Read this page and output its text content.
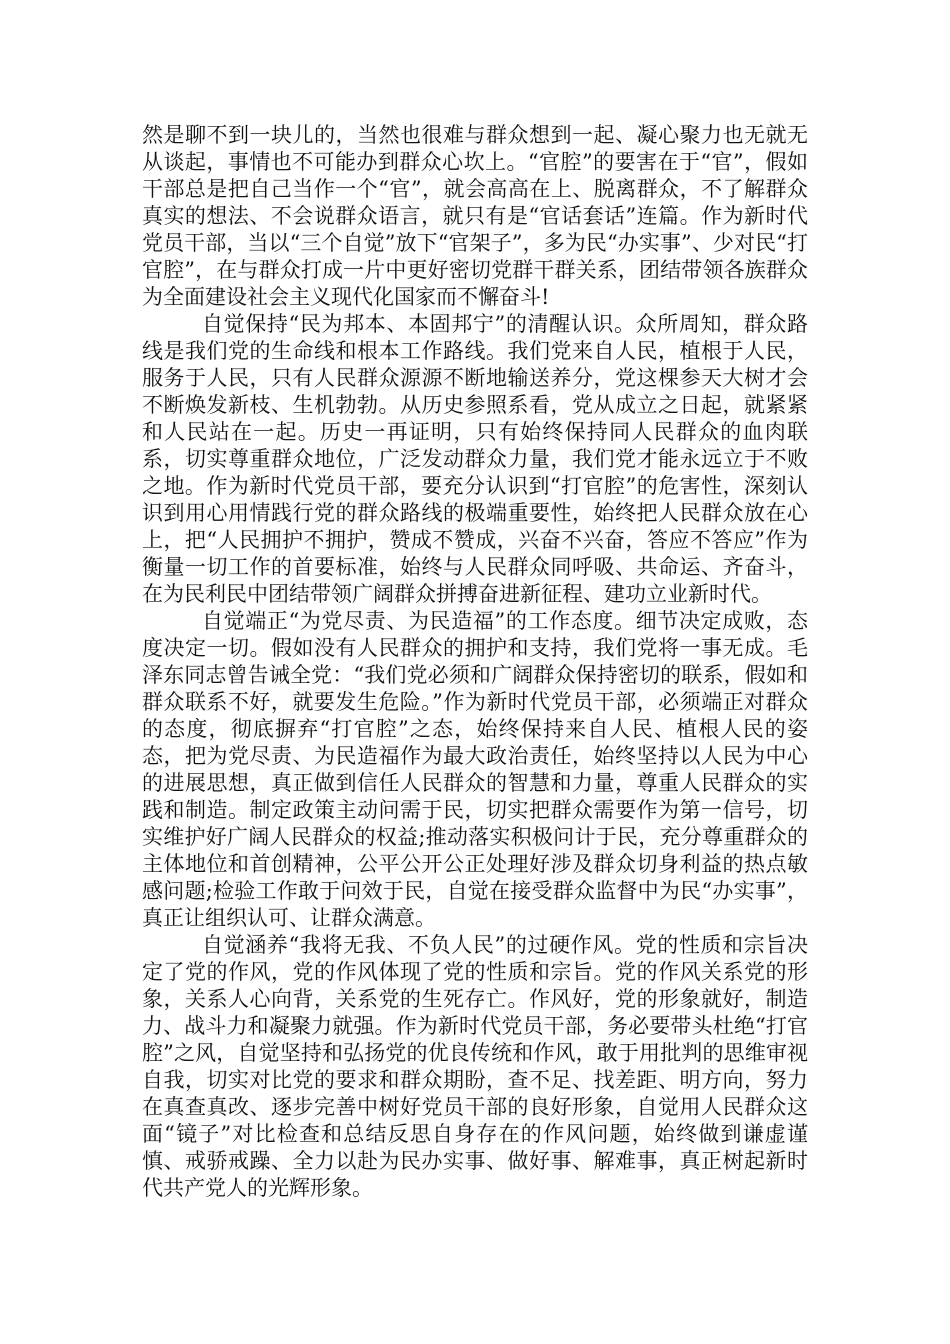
然是聊不到一块儿的，当然也很难与群众想到一起、凝心聚力也无就无从谈起，事情也不可能办到群众心坎上。“官腔”的要害在于“官”，假如干部总是把自己当作一个“官”，就会高高在上、脱离群众，不了解群众真实的想法、不会说群众语言，就只有是“官话套话”连篇。作为新时代党员干部，当以“三个自觉”放下“官架子”，多为民“办实事”、少对民“打官腔”，在与群众打成一片中更好密切党群干群关系，团结带领各族群众为全面建设社会主义现代化国家而不懈奋斗!

自觉保持“民为邦本、本固邦宁”的清醒认识。众所周知，群众路线是我们党的生命线和根本工作路线。我们党来自人民，植根于人民，服务于人民，只有人民群众源源不断地输送养分，党这棵参天大树才会不断焕发新枝、生机勃勃。从历史参照系看，党从成立之日起，就紧紧和人民站在一起。历史一再证明，只有始终保持同人民群众的血肉联系，切实尊重群众地位，广泛发动群众力量，我们党才能永远立于不败之地。作为新时代党员干部，要充分认识到“打官腔”的危害性，深刻认识到用心用情践行党的群众路线的极端重要性，始终把人民群众放在心上，把“人民拥护不拥护，赞成不赞成，兴奋不兴奋，答应不答应”作为衡量一切工作的首要标准，始终与人民群众同呼吸、共命运、齐奋斗，在为民利民中团结带领广阔群众拼搏奋进新征程、建功立业新时代。

自觉端正“为党尽责、为民造福”的工作态度。细节决定成败，态度决定一切。假如没有人民群众的拥护和支持，我们党将一事无成。毛泽东同志曾告诫全党：“我们党必须和广阔群众保持密切的联系，假如和群众联系不好，就要发生危险。”作为新时代党员干部，必须端正对群众的态度，彻底摒弃“打官腔”之态，始终保持来自人民、植根人民的姿态，把为党尽责、为民造福作为最大政治责任，始终坚持以人民为中心的进展思想，真正做到信任人民群众的智慧和力量，尊重人民群众的实践和制造。制定政策主动问需于民，切实把群众需要作为第一信号，切实维护好广阔人民群众的权益;推动落实积极问计于民，充分尊重群众的主体地位和首创精神，公平公开公正处理好涉及群众切身利益的热点敏感问题;检验工作敢于问效于民，自觉在接受群众监督中为民“办实事”，真正让组织认可、让群众满意。

自觉涵养“我将无我、不负人民”的过硬作风。党的性质和宗旨决定了党的作风，党的作风体现了党的性质和宗旨。党的作风关系党的形象，关系人心向背，关系党的生死存亡。作风好，党的形象就好，制造力、战斗力和凝聚力就强。作为新时代党员干部，务必要带头杜绝“打官腔”之风，自觉坚持和弘扬党的优良传统和作风，敢于用批判的思维审视自我，切实对比党的要求和群众期盼，查不足、找差距、明方向，努力在真查真改、逐步完善中树好党员干部的良好形象，自觉用人民群众这面“镜子”对比检查和总结反思自身存在的作风问题，始终做到谦虚谨慎、戒骄戒躁、全力以赴为民办实事、做好事、解难事，真正树起新时代共产党人的光辉形象。
